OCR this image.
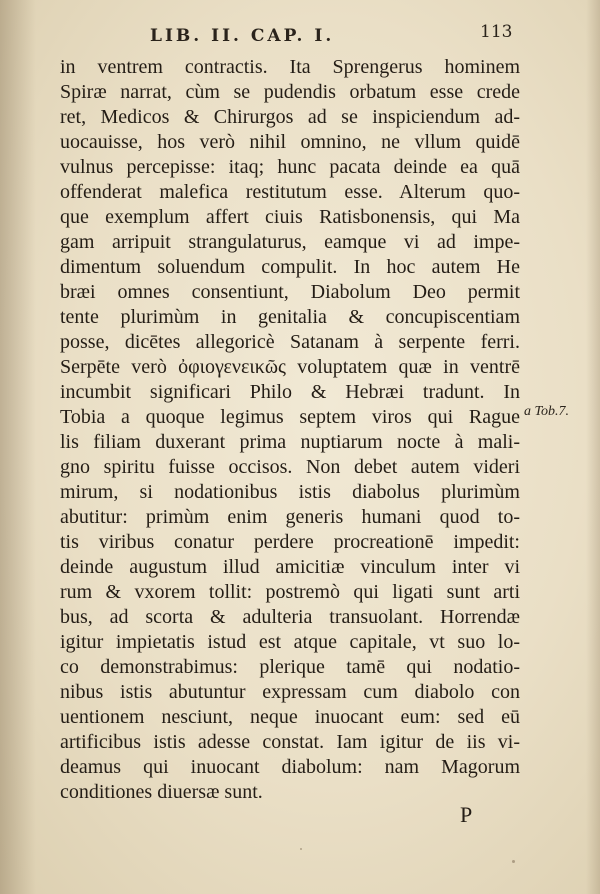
LIB. II. CAP. I.	113
in ventrem contractis. Ita Sprengerus hominem
Spiræ narrat, cùm se pudendis orbatum esse crede
ret, Medicos & Chirurgos ad se inspiciendum ad-
uocauisse, hos verò nihil omnino, ne vllum quidē
vulnus percepisse: itaq; hunc pacata deinde ea quā
offenderat malefica restitutum esse. Alterum quo-
que exemplum affert ciuis Ratisbonensis, qui Ma
gam arripuit strangulaturus, eamque vi ad impe-
dimentum soluendum compulit. In hoc autem He
bræi omnes consentiunt, Diabolum Deo permit
tente plurimùm in genitalia & concupiscentiam
posse, dicētes allegoricè Satanam à serpente ferri.
Serpēte verò ὀφιογενεικῶς voluptatem quæ in ventrē
incumbit significari Philo & Hebræi tradunt. In
Tobia a quoque legimus septem viros qui Rague
lis filiam duxerant prima nuptiarum nocte à mali-
gno spiritu fuisse occisos. Non debet autem videri
mirum, si nodationibus istis diabolus plurimùm
abutitur: primùm enim generis humani quod to-
tis viribus conatur perdere procreationē impedit:
deinde augustum illud amicitiæ vinculum inter vi
rum & vxorem tollit: postremò qui ligati sunt arti
bus, ad scorta & adulteria transuolant. Horrendæ
igitur impietatis istud est atque capitale, vt suo lo-
co demonstrabimus: plerique tamē qui nodatio-
nibus istis abutuntur expressam cum diabolo con
uentionem nesciunt, neque inuocant eum: sed eū
artificibus istis adesse constat. Iam igitur de iis vi-
deamus qui inuocant diabolum: nam Magorum
conditiones diuersæ sunt.
a Tob.7.
P
